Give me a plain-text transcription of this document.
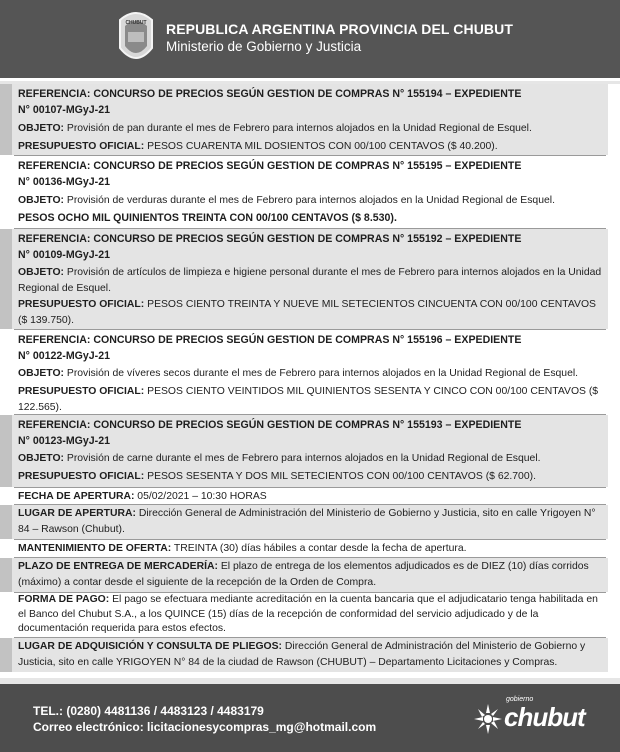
CHUBUT REPUBLICA ARGENTINA PROVINCIA DEL CHUBUT
Ministerio de Gobierno y Justicia
REFERENCIA: CONCURSO DE PRECIOS SEGÚN GESTION DE COMPRAS N° 155194 – EXPEDIENTE
N° 00107-MGyJ-21
OBJETO: Provisión de pan durante el mes de Febrero para internos alojados en la Unidad Regional de Esquel.
PRESUPUESTO OFICIAL: PESOS CUARENTA MIL DOSIENTOS CON 00/100 CENTAVOS ($ 40.200).
REFERENCIA: CONCURSO DE PRECIOS SEGÚN GESTION DE COMPRAS N° 155195 – EXPEDIENTE
N° 00136-MGyJ-21
OBJETO: Provisión de verduras durante el mes de Febrero para internos alojados en la Unidad Regional de Esquel.
PESOS OCHO MIL QUINIENTOS TREINTA CON 00/100 CENTAVOS ($ 8.530).
REFERENCIA: CONCURSO DE PRECIOS SEGÚN GESTION DE COMPRAS N° 155192 – EXPEDIENTE
N° 00109-MGyJ-21
OBJETO: Provisión de artículos de limpieza e higiene personal durante el mes de Febrero para internos alojados en la Unidad Regional de Esquel.
PRESUPUESTO OFICIAL: PESOS CIENTO TREINTA Y NUEVE MIL SETECIENTOS CINCUENTA CON 00/100 CENTAVOS ($ 139.750).
REFERENCIA: CONCURSO DE PRECIOS SEGÚN GESTION DE COMPRAS N° 155196 – EXPEDIENTE
N° 00122-MGyJ-21
OBJETO: Provisión de víveres secos durante el mes de Febrero para internos alojados en la Unidad Regional de Esquel.
PRESUPUESTO OFICIAL: PESOS CIENTO VEINTIDOS MIL QUINIENTOS SESENTA Y CINCO CON 00/100 CENTAVOS ($ 122.565).
REFERENCIA: CONCURSO DE PRECIOS SEGÚN GESTION DE COMPRAS N° 155193 – EXPEDIENTE
N° 00123-MGyJ-21
OBJETO: Provisión de carne durante el mes de Febrero para internos alojados en la Unidad Regional de Esquel.
PRESUPUESTO OFICIAL: PESOS SESENTA Y DOS MIL SETECIENTOS CON 00/100 CENTAVOS ($ 62.700).
FECHA DE APERTURA: 05/02/2021 – 10:30 HORAS
LUGAR DE APERTURA: Dirección General de Administración del Ministerio de Gobierno y Justicia, sito en calle Yrigoyen N° 84 – Rawson (Chubut).
MANTENIMIENTO DE OFERTA: TREINTA (30) días hábiles a contar desde la fecha de apertura.
PLAZO DE ENTREGA DE MERCADERÍA: El plazo de entrega de los elementos adjudicados es de DIEZ (10) días corridos (máximo) a contar desde el siguiente de la recepción de la Orden de Compra.
FORMA DE PAGO: El pago se efectuara mediante acreditación en la cuenta bancaria que el adjudicatario tenga habilitada en el Banco del Chubut S.A., a los QUINCE (15) días de la recepción de conformidad del servicio adjudicado y de la documentación requerida para estos efectos.
LUGAR DE ADQUISICIÓN Y CONSULTA DE PLIEGOS: Dirección General de Administración del Ministerio de Gobierno y Justicia, sito en calle YRIGOYEN N° 84 de la ciudad de Rawson (CHUBUT) – Departamento Licitaciones y Compras.
TEL.: (0280) 4481136 / 4483123 / 4483179
Correo electrónico: licitacionesycompras_mg@hotmail.com
gobierno
chubut
